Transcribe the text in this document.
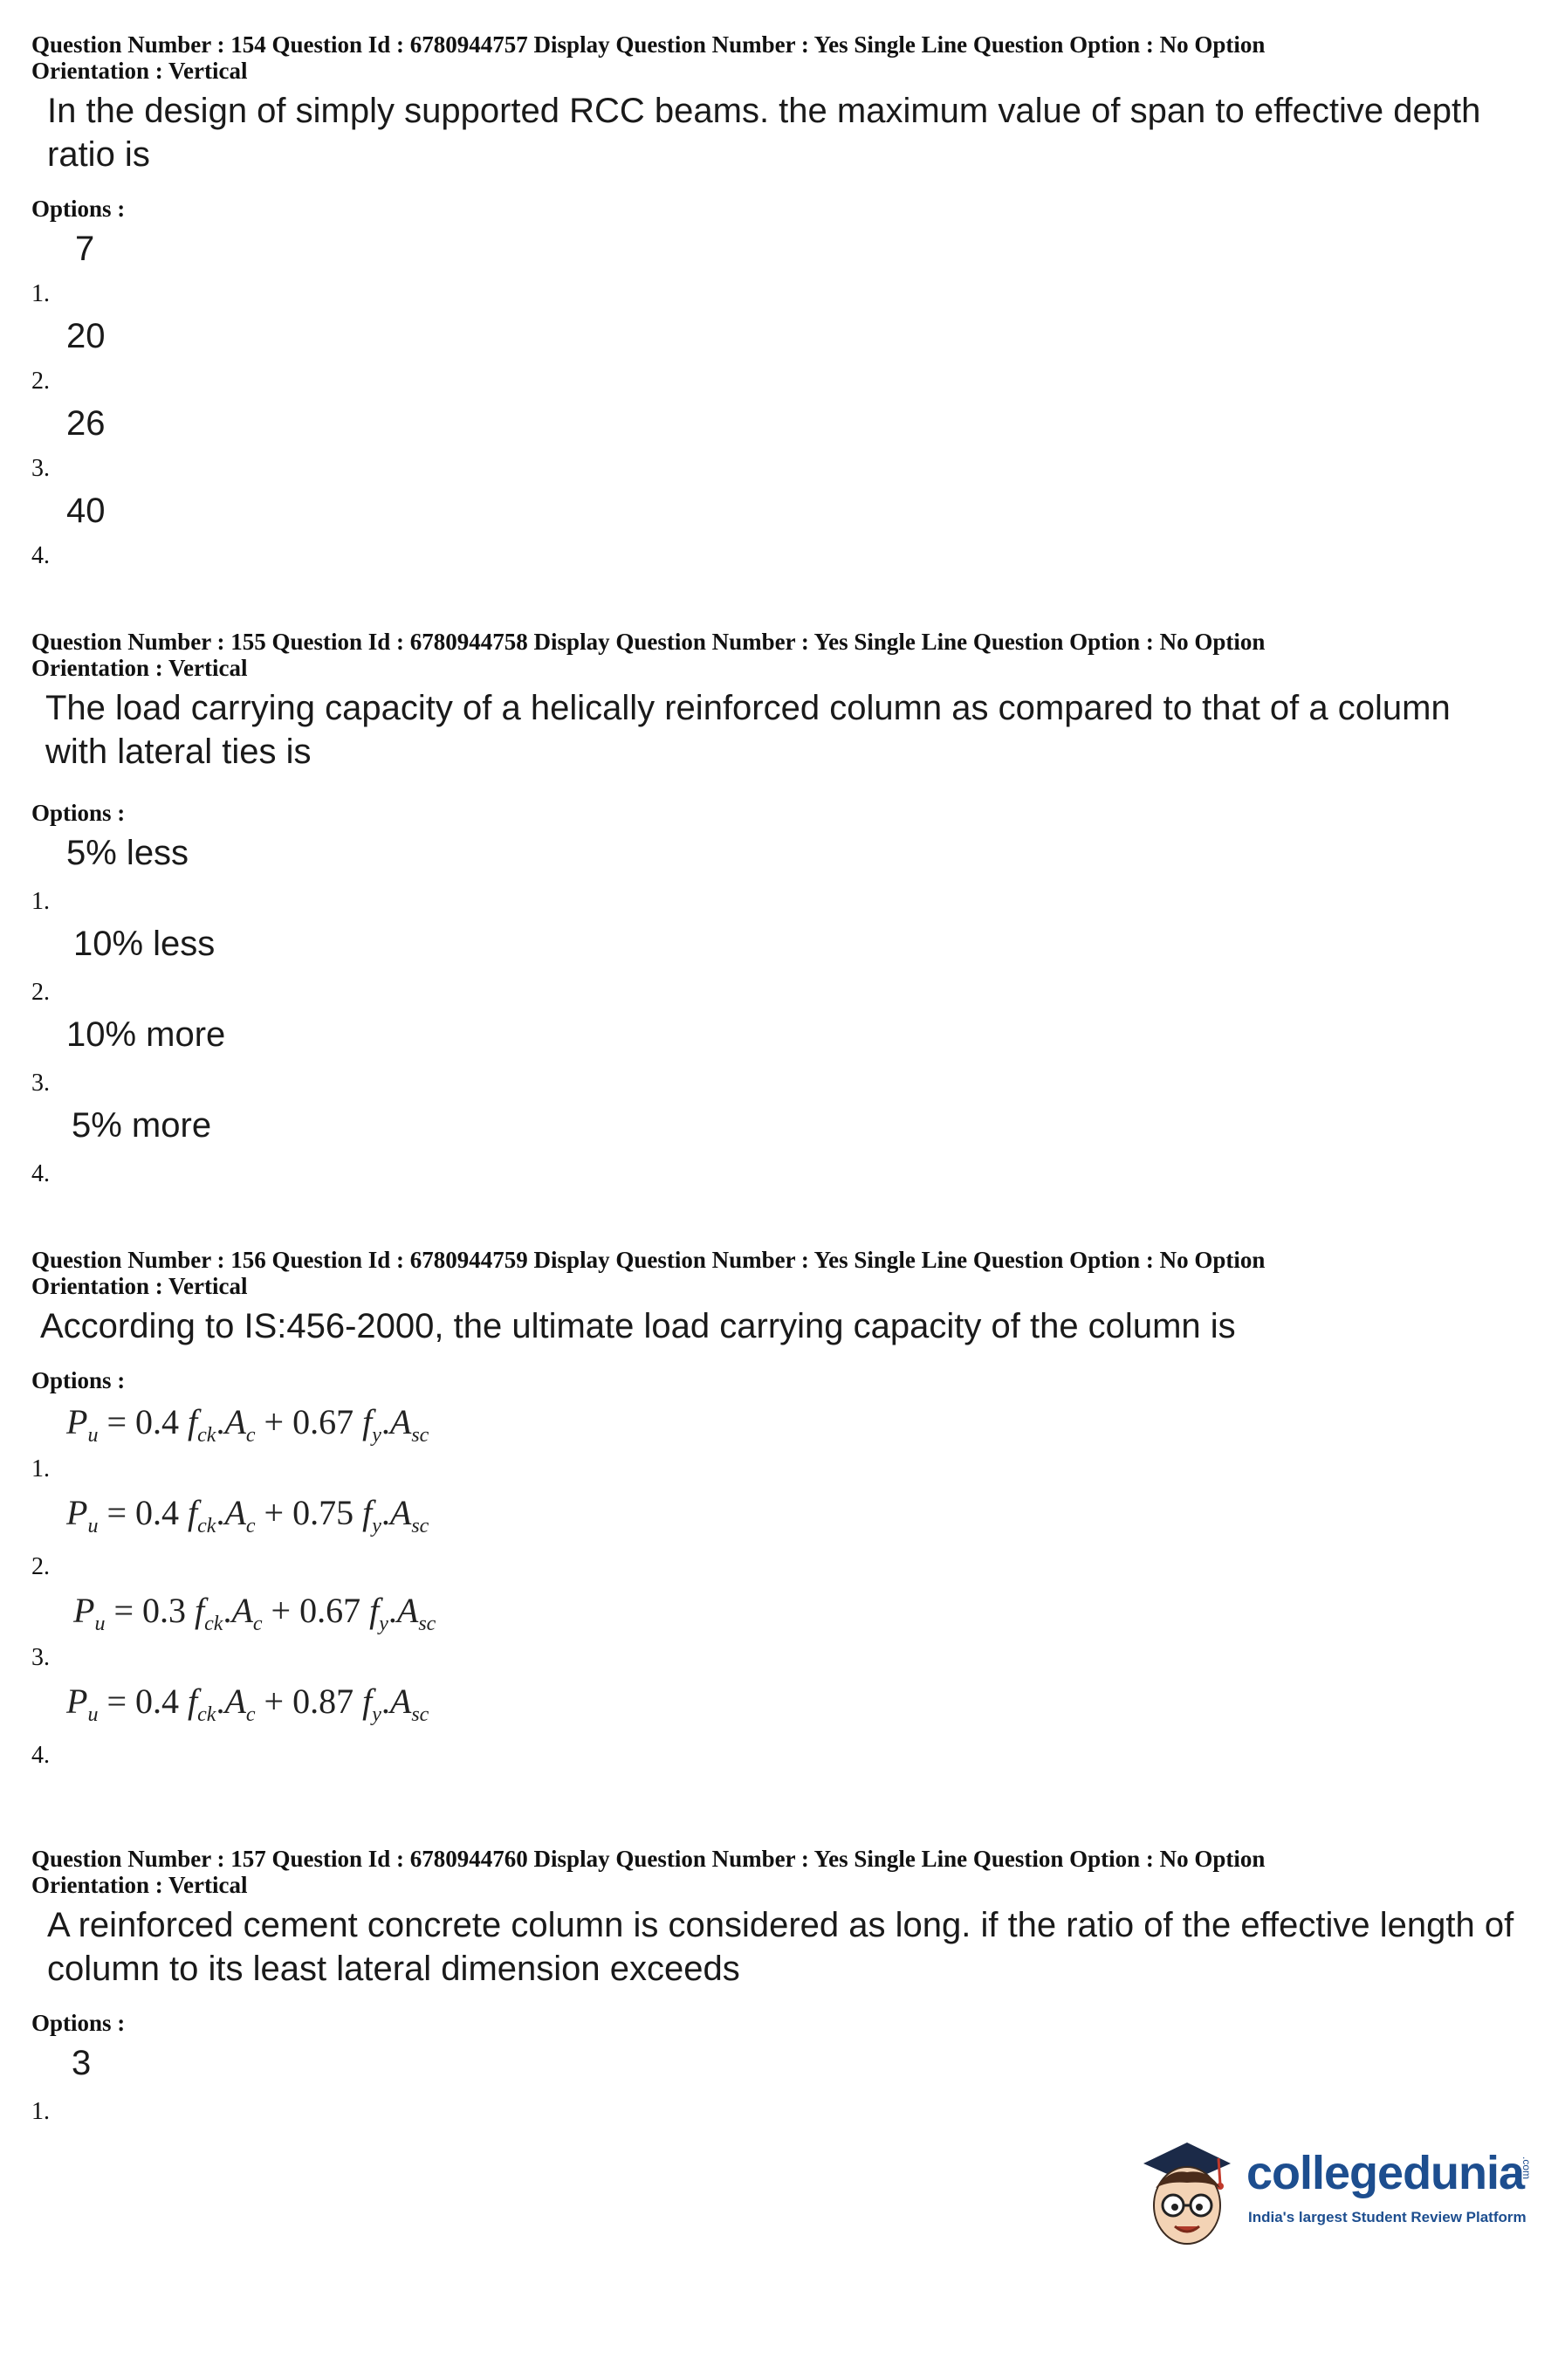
Question Number : 154 Question Id : 6780944757 Display Question Number : Yes Single Line Question Option : No Option

Orientation : Vertical

In the design of simply supported RCC beams. the maximum value of span to effective depth ratio is

Options :

1.
7
2.
20
3.
26
4.
40

Question Number : 155 Question Id : 6780944758 Display Question Number : Yes Single Line Question Option : No Option

Orientation : Vertical

The load carrying capacity of a helically reinforced column as compared to that of a column with lateral ties is

Options :

1.
5% less
2.
10% less
3.
10% more
4.
5% more

Question Number : 156 Question Id : 6780944759 Display Question Number : Yes Single Line Question Option : No Option

Orientation : Vertical

According to IS:456-2000, the ultimate load carrying capacity of the column is

Options :

1.
$P_u = 0.4$ $f_{ck}.A_c + 0.67$ $f_y.A_{sc}$
2.
$P_u = 0.4$ $f_{ck}.A_c + 0.75$ $f_y.A_{sc}$
3.
$P_u = 0.3$ $f_{ck}.A_c + 0.67$ $f_y.A_{sc}$
4.
$P_u = 0.4$ $f_{ck}.A_c + 0.87$ $f_y.A_{sc}$

Question Number : 157 Question Id : 6780944760 Display Question Number : Yes Single Line Question Option : No Option

Orientation : Vertical

A reinforced cement concrete column is considered as long. if the ratio of the effective length of column to its least lateral dimension exceeds

Options :

1.
3
collegedunia
.com
India's largest Student Review Platform
